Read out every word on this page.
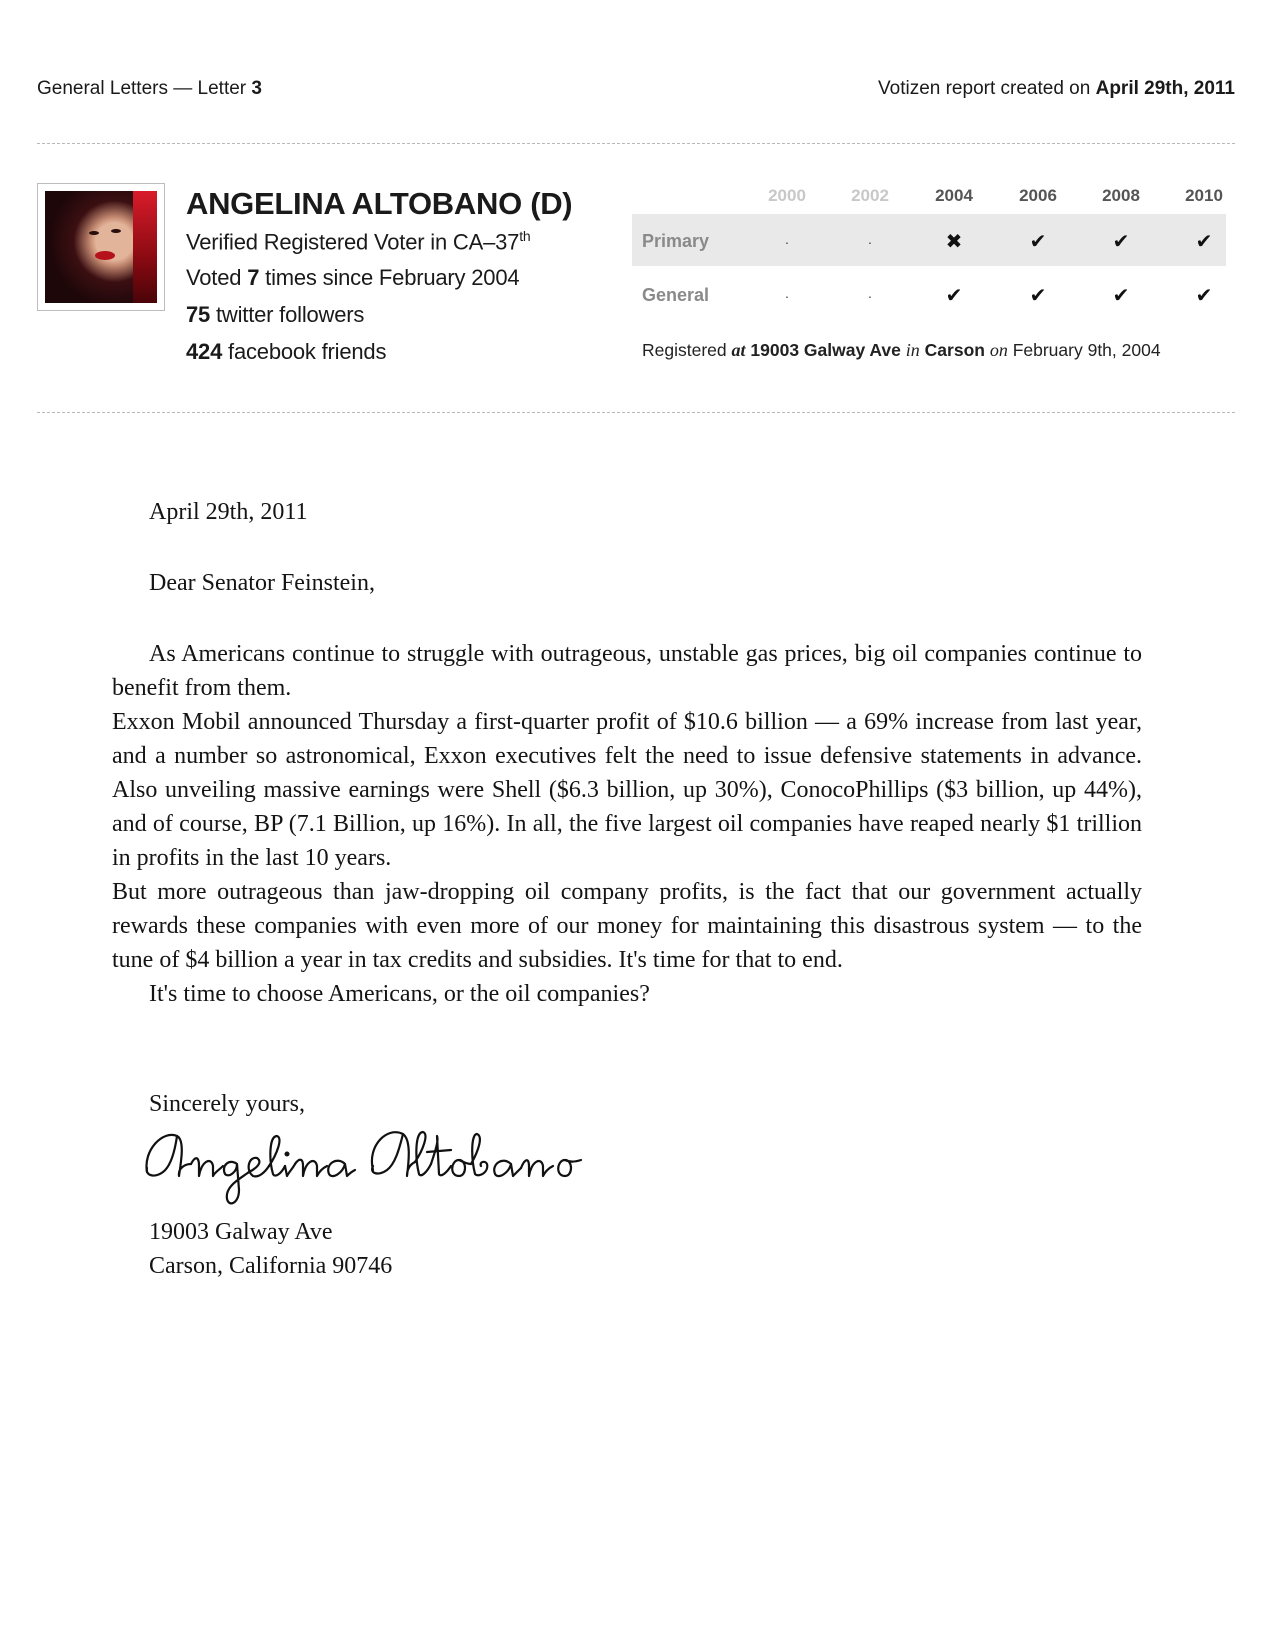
General Letters — Letter 3	Votizen report created on April 29th, 2011
ANGELINA ALTOBANO (D)
Verified Registered Voter in CA–37th
Voted 7 times since February 2004
75 twitter followers
424 facebook friends
2000	2002	2004	2006	2008	2010
Primary	·	·	✖	✔	✔	✔
General	·	·	✔	✔	✔	✔
Registered at 19003 Galway Ave in Carson on February 9th, 2004
April 29th, 2011
Dear Senator Feinstein,

As Americans continue to struggle with outrageous, unstable gas prices, big oil companies continue to benefit from them.

Exxon Mobil announced Thursday a first-quarter profit of $10.6 billion — a 69% increase from last year, and a number so astronomical, Exxon executives felt the need to issue defensive statements in advance. Also unveiling massive earnings were Shell ($6.3 billion, up 30%), ConocoPhillips ($3 billion, up 44%), and of course, BP (7.1 Billion, up 16%). In all, the five largest oil companies have reaped nearly $1 trillion in profits in the last 10 years.

But more outrageous than jaw-dropping oil company profits, is the fact that our government actually rewards these companies with even more of our money for maintaining this disastrous system — to the tune of $4 billion a year in tax credits and subsidies. It's time for that to end.

It's time to choose Americans, or the oil companies?

Sincerely yours,
19003 Galway Ave
Carson, California 90746
